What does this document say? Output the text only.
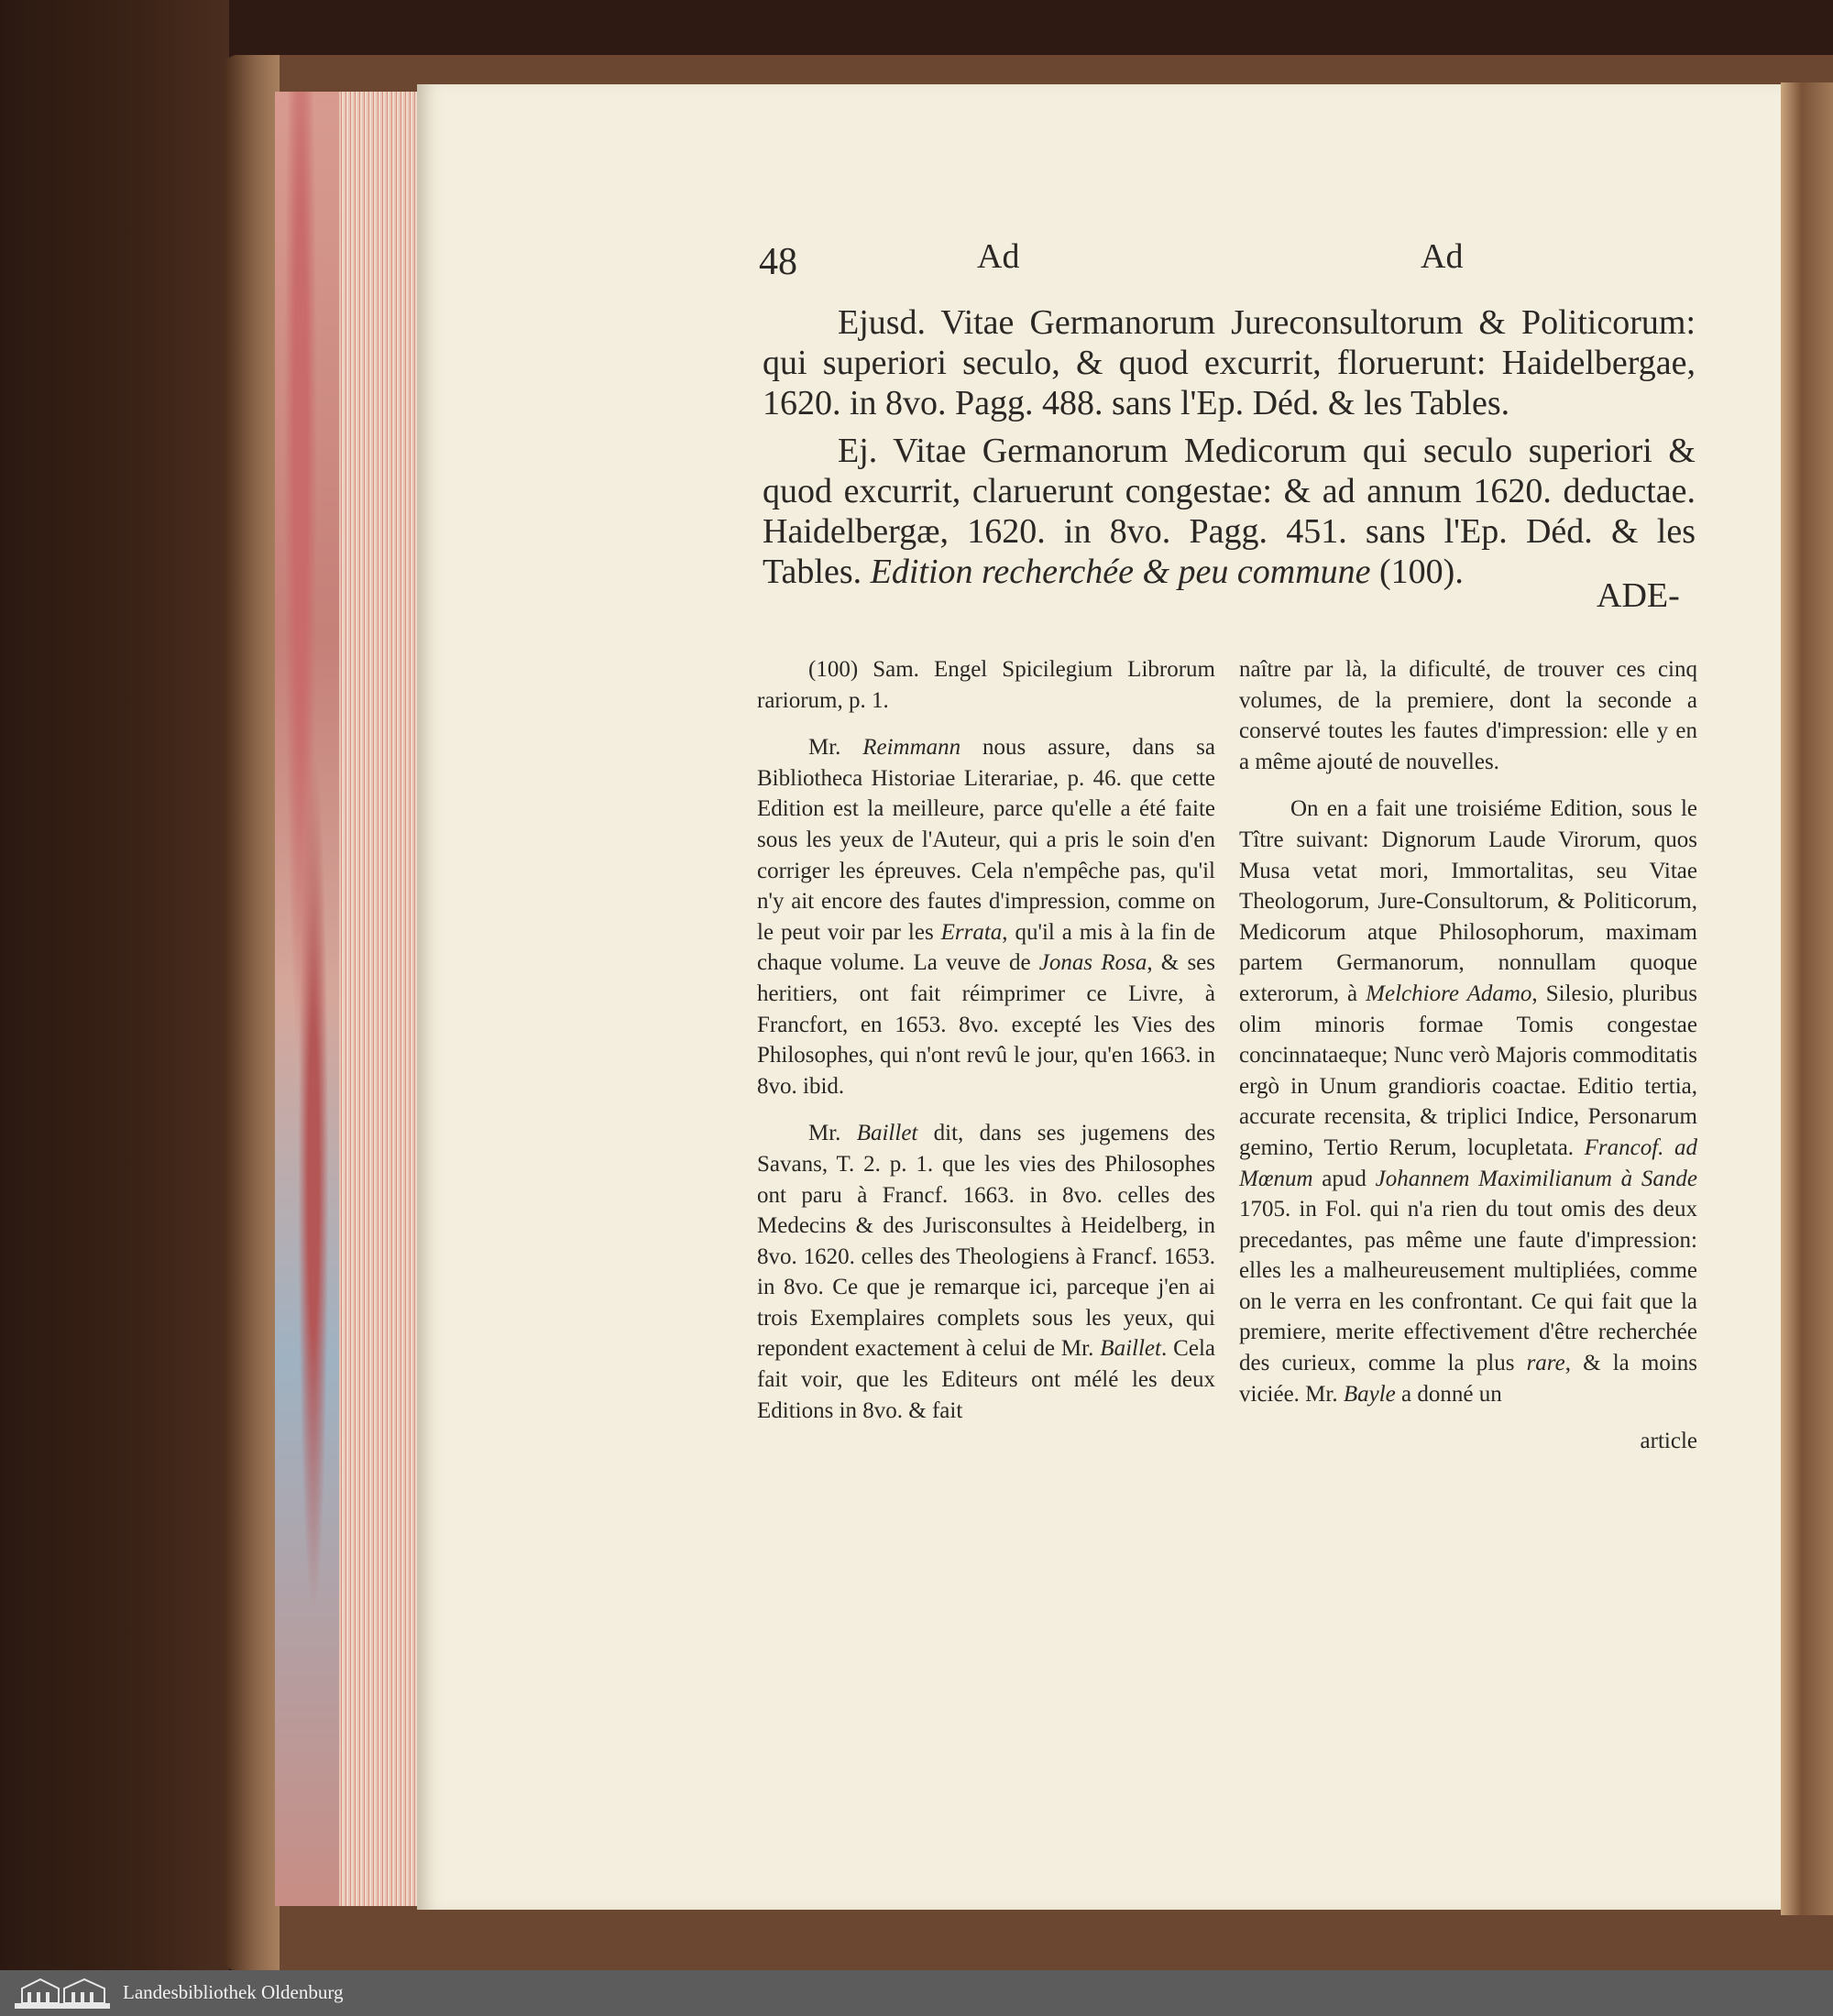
48	Ad	Ad
Ejusd. Vitae Germanorum Jureconsultorum & Politicorum: qui superiori seculo, & quod excurrit, floruerunt: Haidelbergae, 1620. in 8vo. Pagg. 488. sans l'Ep. Déd. & les Tables.
Ej. Vitae Germanorum Medicorum qui seculo superiori & quod excurrit, claruerunt congestae: & ad annum 1620. deductae. Haidelbergæ, 1620. in 8vo. Pagg. 451. sans l'Ep. Déd. & les Tables. Edition recherchée & peu commune (100).
ADE-

(100) Sam. Engel Spicilegium Librorum rariorum, p. 1.

Mr. Reimmann nous assure, dans sa Bibliotheca Historiae Literariae, p. 46. que cette Edition est la meilleure, parce qu'elle a été faite sous les yeux de l'Auteur, qui a pris le soin d'en corriger les épreuves. Cela n'empêche pas, qu'il n'y ait encore des fautes d'impression, comme on le peut voir par les Errata, qu'il a mis à la fin de chaque volume. La veuve de Jonas Rosa, & ses heritiers, ont fait réimprimer ce Livre, à Francfort, en 1653. 8vo. excepté les Vies des Philosophes, qui n'ont revû le jour, qu'en 1663. in 8vo. ibid.

Mr. Baillet dit, dans ses jugemens des Savans, T. 2. p. 1. que les vies des Philosophes ont paru à Francf. 1663. in 8vo. celles des Medecins & des Jurisconsultes à Heidelberg, in 8vo. 1620. celles des Theologiens à Francf. 1653. in 8vo. Ce que je remarque ici, parceque j'en ai trois Exemplaires complets sous les yeux, qui repondent exactement à celui de Mr. Baillet. Cela fait voir, que les Editeurs ont mélé les deux Editions in 8vo. & fait

naître par là, la dificulté, de trouver ces cinq volumes, de la premiere, dont la seconde a conservé toutes les fautes d'impression: elle y en a même ajouté de nouvelles.

On en a fait une troisiéme Edition, sous le Tître suivant: Dignorum Laude Virorum, quos Musa vetat mori, Immortalitas, seu Vitae Theologorum, Jure-Consultorum, & Politicorum, Medicorum atque Philosophorum, maximam partem Germanorum, nonnullam quoque exterorum, à Melchiore Adamo, Silesio, pluribus olim minoris formae Tomis congestae concinnataeque; Nunc verò Majoris commoditatis ergò in Unum grandioris coactae. Editio tertia, accurate recensita, & triplici Indice, Personarum gemino, Tertio Rerum, locupletata. Francof. ad Mœnum apud Johannem Maximilianum à Sande 1705. in Fol. qui n'a rien du tout omis des deux precedantes, pas même une faute d'impression: elles les a malheureusement multipliées, comme on le verra en les confrontant. Ce qui fait que la premiere, merite effectivement d'être recherchée des curieux, comme la plus rare, & la moins viciée. Mr. Bayle a donné un

article
Landesbibliothek Oldenburg
